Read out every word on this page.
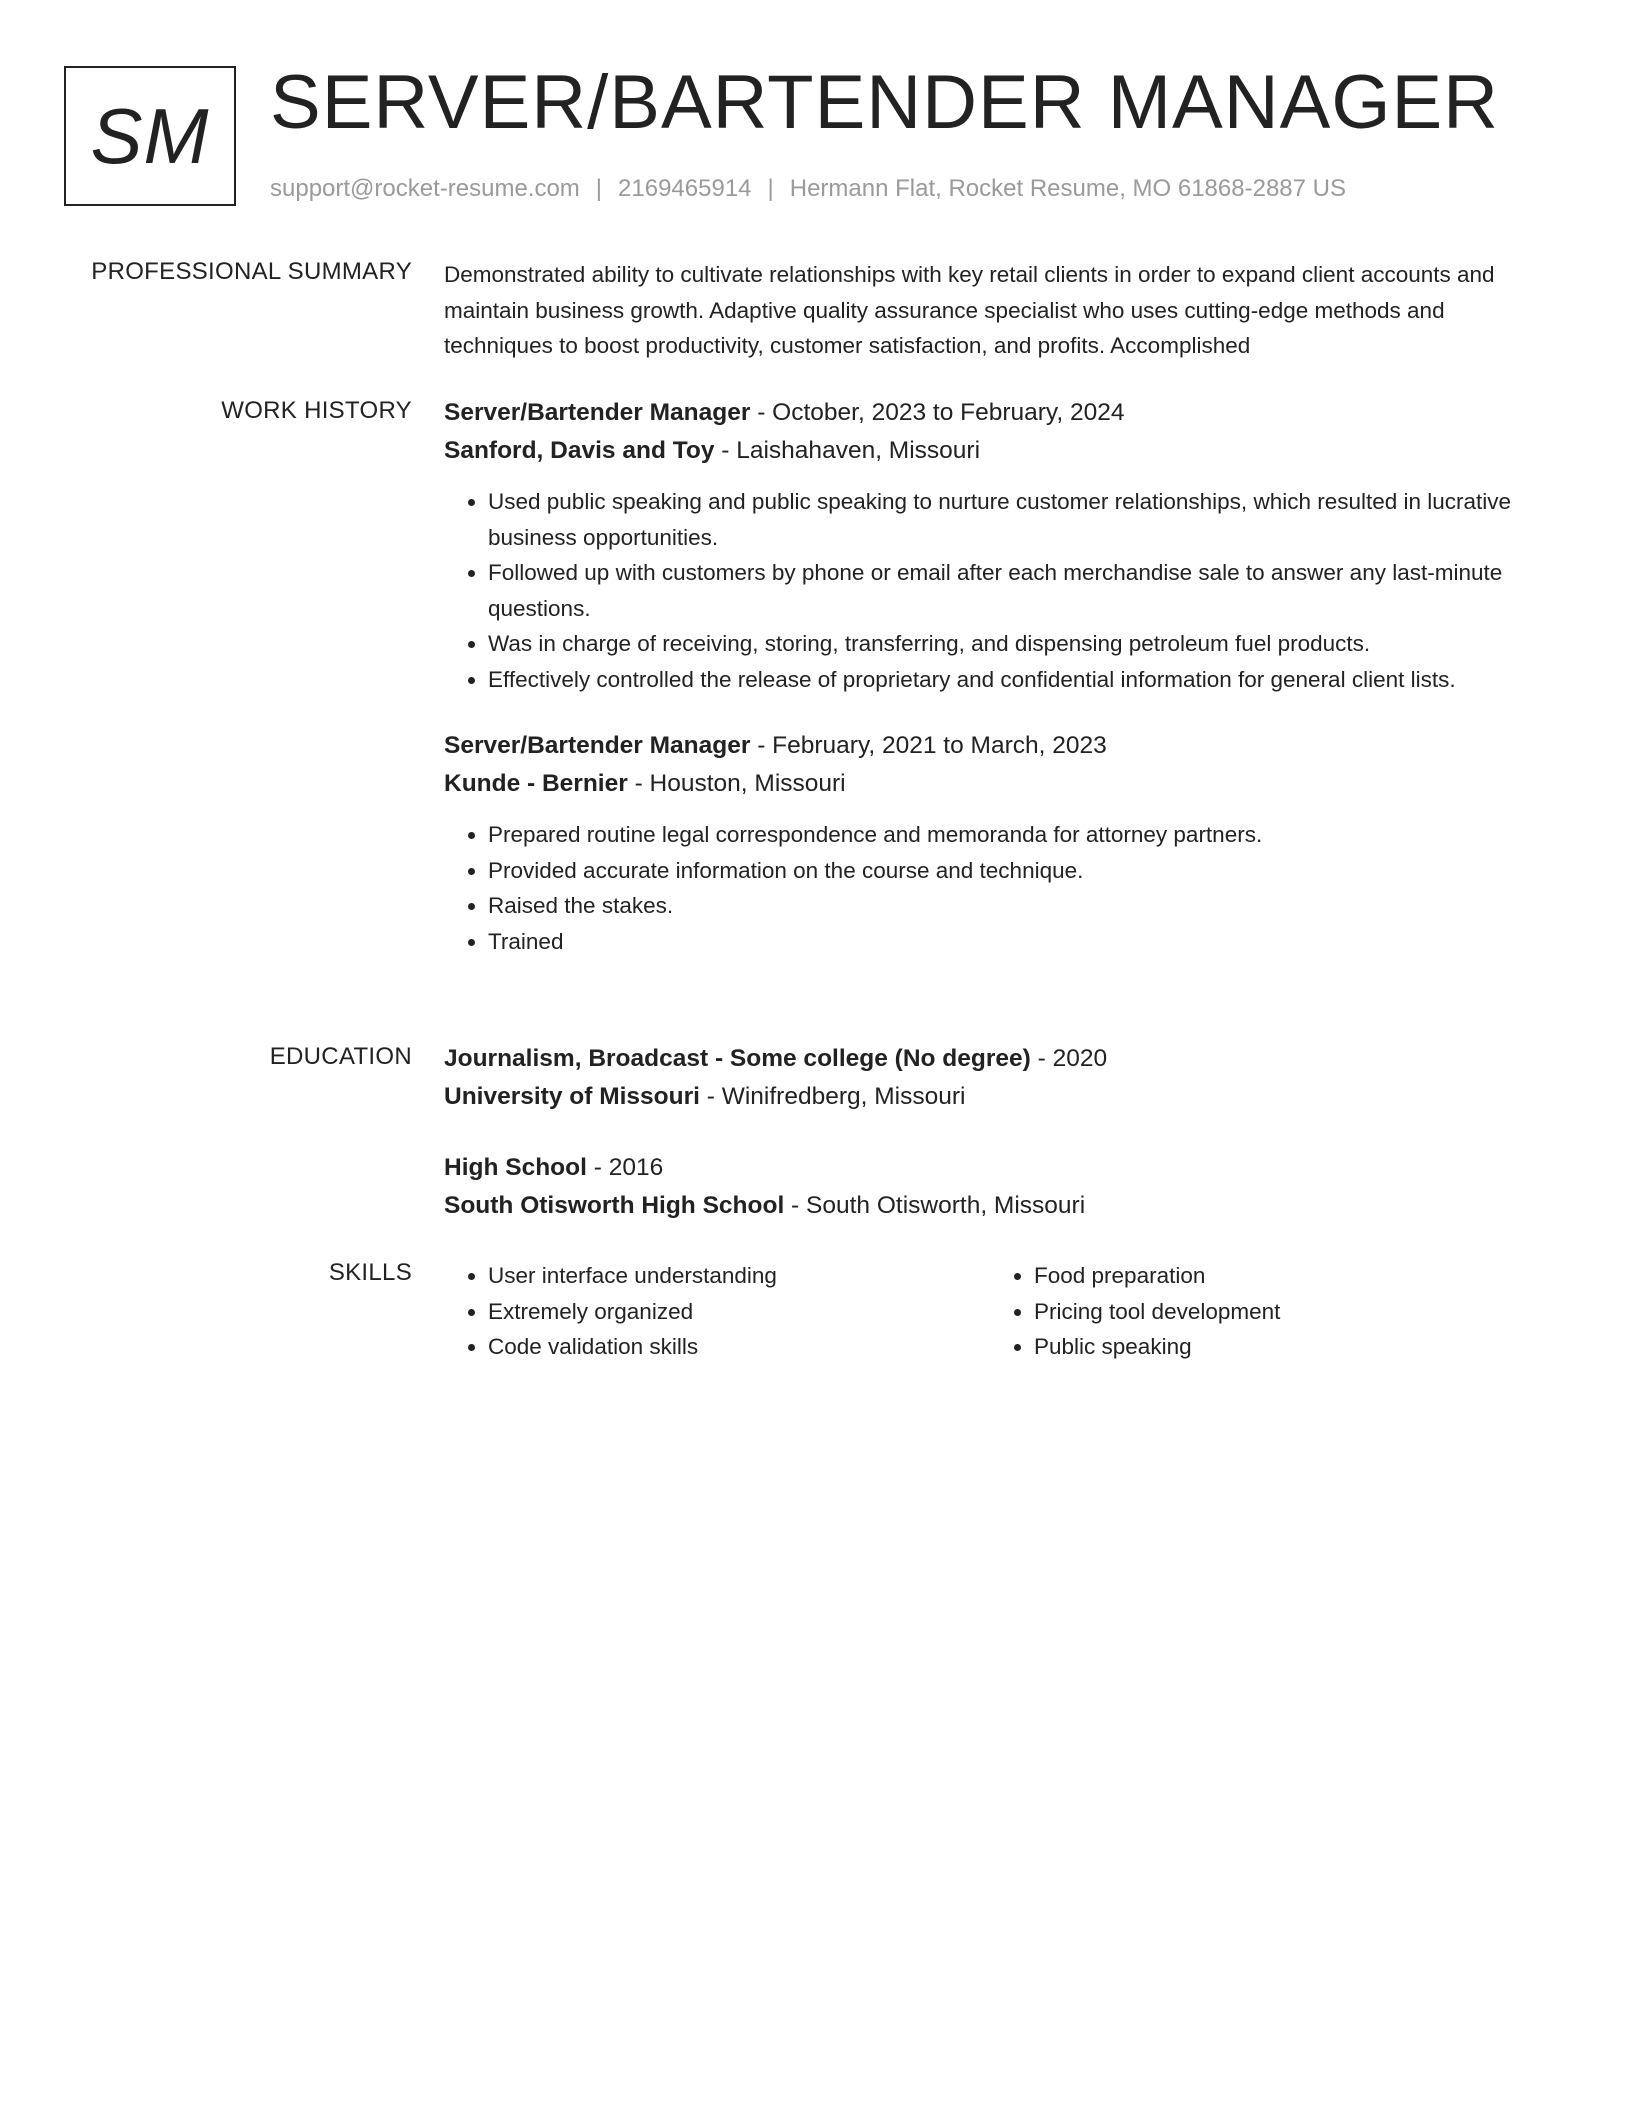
SM SERVER/BARTENDER MANAGER
support@rocket-resume.com | 2169465914 | Hermann Flat, Rocket Resume, MO 61868-2887 US
PROFESSIONAL SUMMARY Demonstrated ability to cultivate relationships with key retail clients in order to expand client accounts and maintain business growth. Adaptive quality assurance specialist who uses cutting-edge methods and techniques to boost productivity, customer satisfaction, and profits. Accomplished
WORK HISTORY Server/Bartender Manager - October, 2023 to February, 2024
Sanford, Davis and Toy - Laishahaven, Missouri
• Used public speaking and public speaking to nurture customer relationships, which resulted in lucrative business opportunities.
• Followed up with customers by phone or email after each merchandise sale to answer any last-minute questions.
• Was in charge of receiving, storing, transferring, and dispensing petroleum fuel products.
• Effectively controlled the release of proprietary and confidential information for general client lists.
Server/Bartender Manager - February, 2021 to March, 2023
Kunde - Bernier - Houston, Missouri
• Prepared routine legal correspondence and memoranda for attorney partners.
• Provided accurate information on the course and technique.
• Raised the stakes.
• Trained
EDUCATION Journalism, Broadcast - Some college (No degree) - 2020
University of Missouri - Winifredberg, Missouri
High School - 2016
South Otisworth High School - South Otisworth, Missouri
SKILLS
•	User interface understanding
• Extremely organized
• Code validation skills
• Food preparation
• Pricing tool development
• Public speaking
